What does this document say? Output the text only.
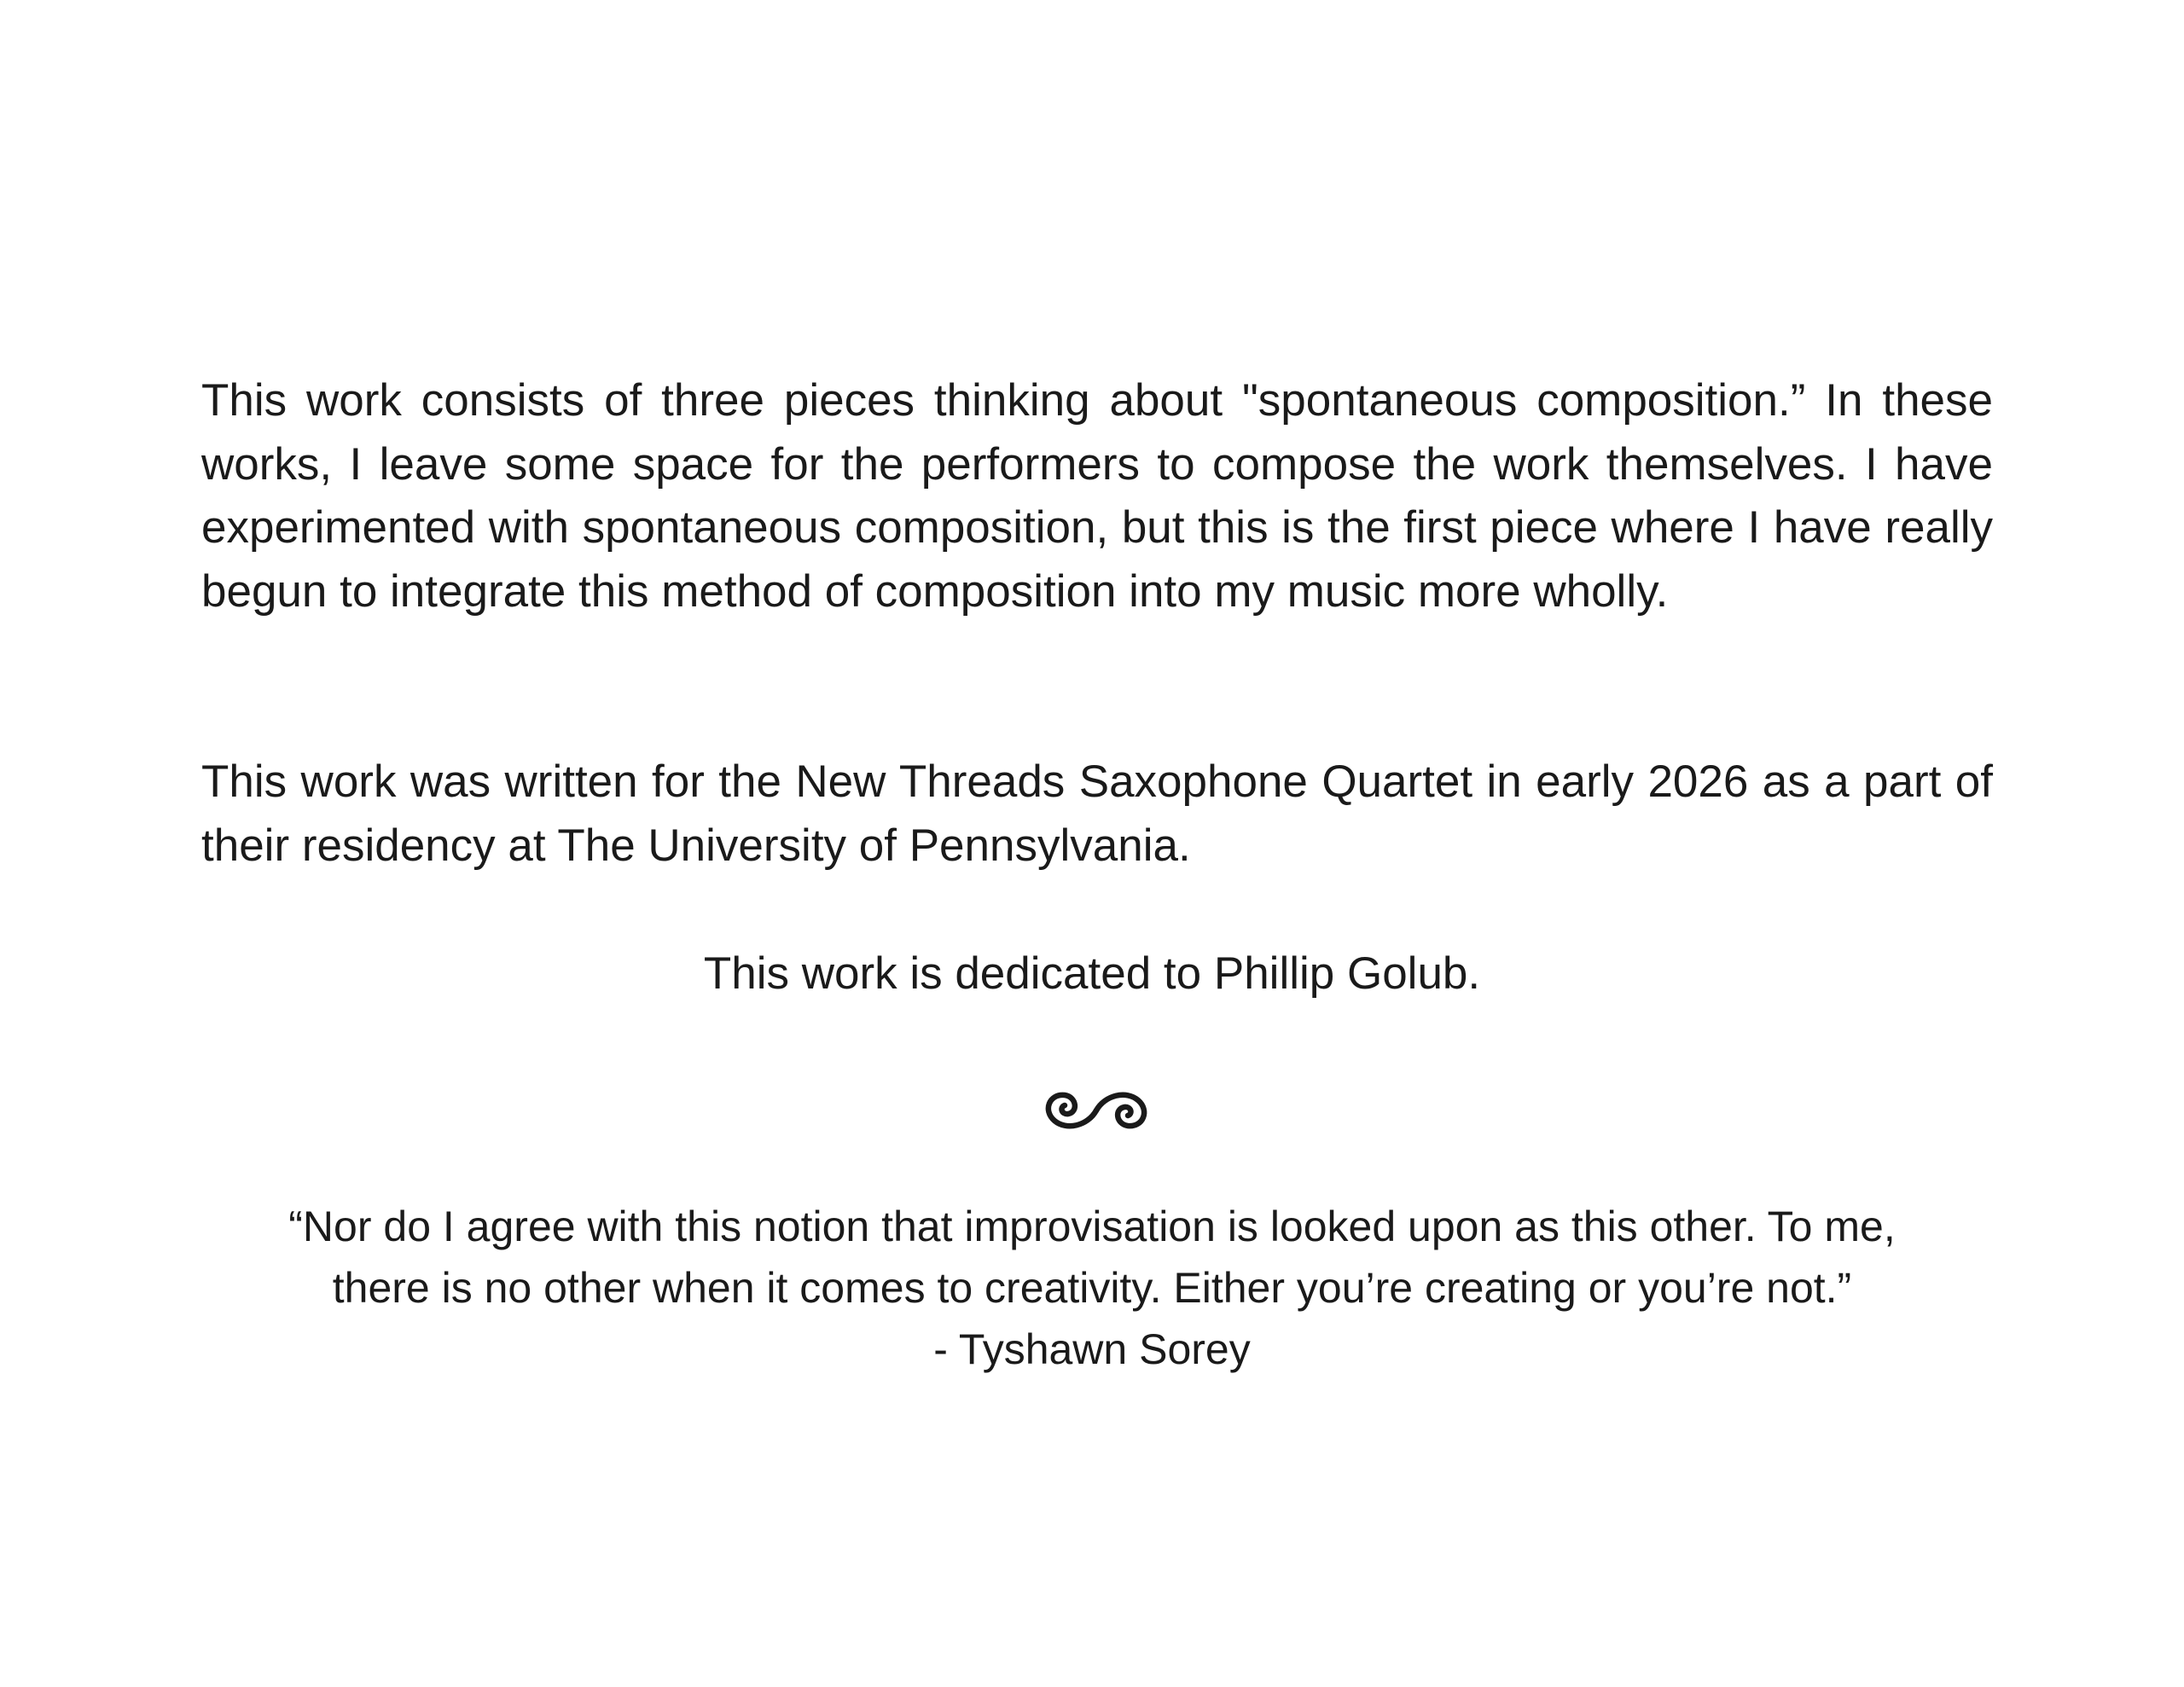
This work consists of three pieces thinking about "spontaneous composition.” In these works, I leave some space for the performers to compose the work themselves. I have experimented with spontaneous composition, but this is the first piece where I have really begun to integrate this method of composition into my music more wholly.

This work was written for the New Threads Saxophone Quartet in early 2026 as a part of their residency at The University of Pennsylvania.

This work is dedicated to Phillip Golub.

“Nor do I agree with this notion that improvisation is looked upon as this other. To me,
there is no other when it comes to creativity. Either you’re creating or you’re not.”
- Tyshawn Sorey
